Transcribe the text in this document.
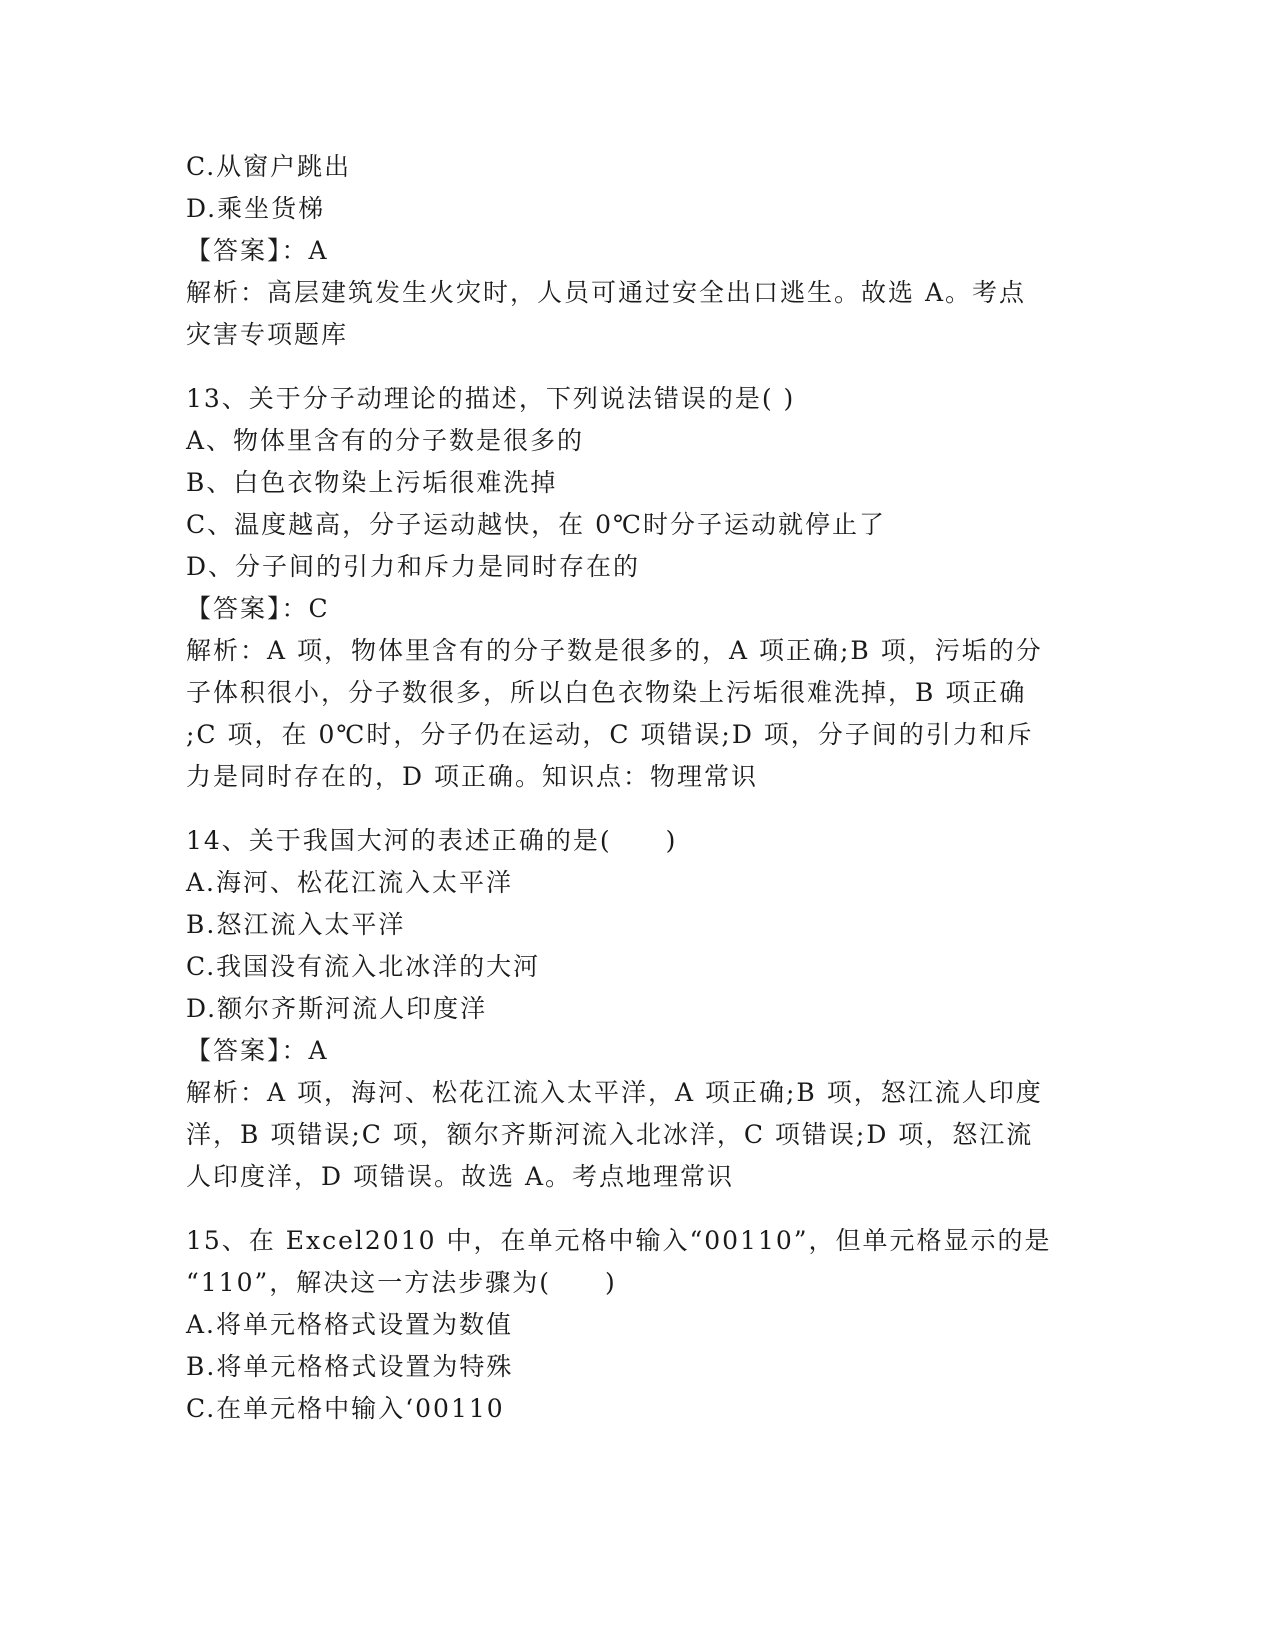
C.从窗户跳出
D.乘坐货梯
【答案】：A
解析：高层建筑发生火灾时，人员可通过安全出口逃生。故选 A。考点
灾害专项题库
13、关于分子动理论的描述，下列说法错误的是( )
A、物体里含有的分子数是很多的
B、白色衣物染上污垢很难洗掉
C、温度越高，分子运动越快，在 0℃时分子运动就停止了
D、分子间的引力和斥力是同时存在的
【答案】：C
解析：A 项，物体里含有的分子数是很多的，A 项正确;B 项，污垢的分
子体积很小，分子数很多，所以白色衣物染上污垢很难洗掉，B 项正确
;C 项，在 0℃时，分子仍在运动，C 项错误;D 项，分子间的引力和斥
力是同时存在的，D 项正确。知识点：物理常识
14、关于我国大河的表述正确的是(　　)
A.海河、松花江流入太平洋
B.怒江流入太平洋
C.我国没有流入北冰洋的大河
D.额尔齐斯河流人印度洋
【答案】：A
解析：A 项，海河、松花江流入太平洋，A 项正确;B 项，怒江流人印度
洋，B 项错误;C 项，额尔齐斯河流入北冰洋，C 项错误;D 项，怒江流
人印度洋，D 项错误。故选 A。考点地理常识
15、在 Excel2010 中，在单元格中输入“00110”，但单元格显示的是
“110”，解决这一方法步骤为(　　)
A.将单元格格式设置为数值
B.将单元格格式设置为特殊
C.在单元格中输入‘00110
